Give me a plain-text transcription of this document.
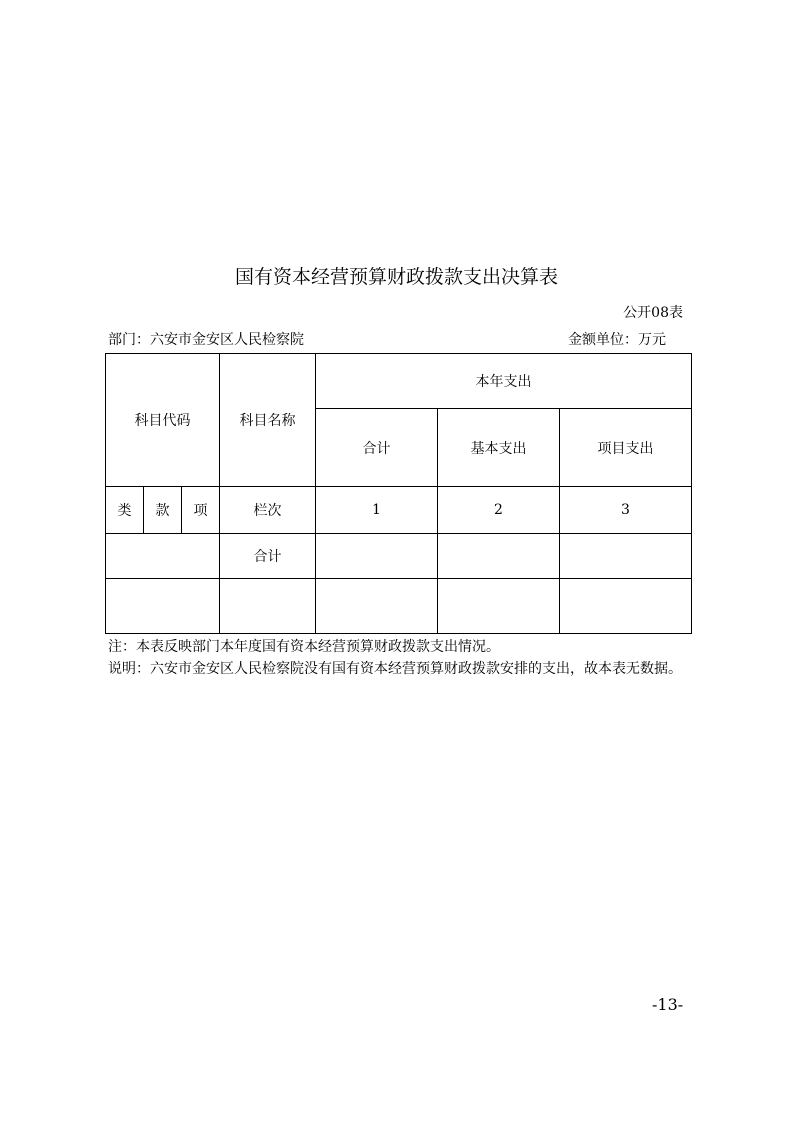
国有资本经营预算财政拨款支出决算表
公开08表
部门：六安市金安区人民检察院	金额单位：万元
科目代码			科目名称	本年支出		
				合计	基本支出	项目支出
类	款	项	栏次	1	2	3
			合计			

注：本表反映部门本年度国有资本经营预算财政拨款支出情况。
说明：六安市金安区人民检察院没有国有资本经营预算财政拨款安排的支出，故本表无数据。
-13-
